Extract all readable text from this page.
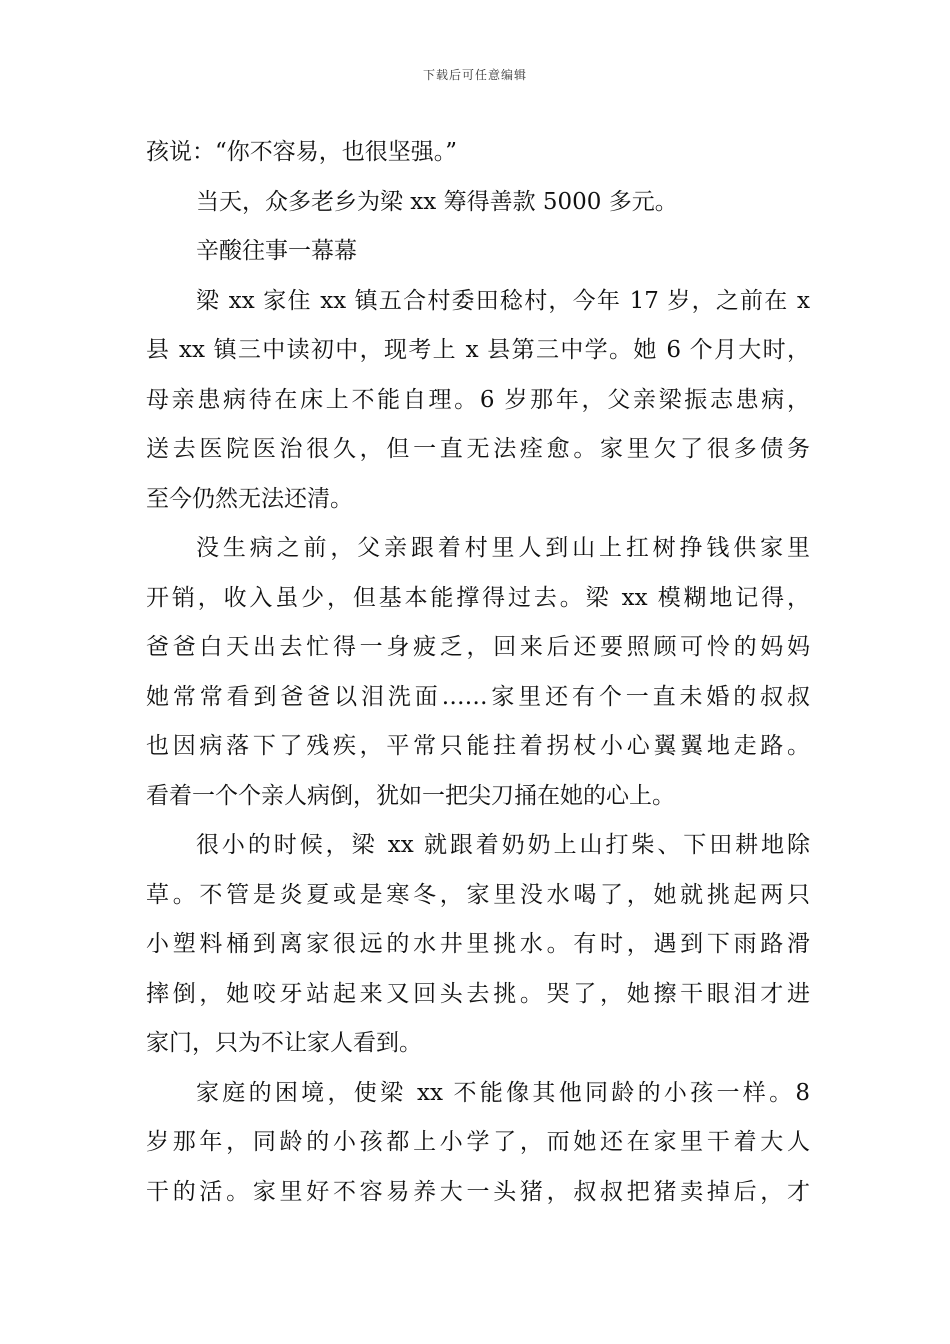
下载后可任意编辑
孩说：“你不容易，也很坚强。”
当天，众多老乡为梁 xx 筹得善款 5000 多元。
辛酸往事一幕幕
梁 xx 家住 xx 镇五合村委田稔村，今年 17 岁，之前在 x
县 xx 镇三中读初中，现考上 x 县第三中学。她 6 个月大时，
母亲患病待在床上不能自理。6 岁那年，父亲梁振志患病，
送去医院医治很久，但一直无法痊愈。家里欠了很多债务
至今仍然无法还清。
没生病之前，父亲跟着村里人到山上扛树挣钱供家里
开销，收入虽少，但基本能撑得过去。梁 xx 模糊地记得，
爸爸白天出去忙得一身疲乏，回来后还要照顾可怜的妈妈
她常常看到爸爸以泪洗面……家里还有个一直未婚的叔叔
也因病落下了残疾，平常只能拄着拐杖小心翼翼地走路。
看着一个个亲人病倒，犹如一把尖刀捅在她的心上。
很小的时候，梁 xx 就跟着奶奶上山打柴、下田耕地除
草。不管是炎夏或是寒冬，家里没水喝了，她就挑起两只
小塑料桶到离家很远的水井里挑水。有时，遇到下雨路滑
摔倒，她咬牙站起来又回头去挑。哭了，她擦干眼泪才进
家门，只为不让家人看到。
家庭的困境，使梁 xx 不能像其他同龄的小孩一样。8
岁那年，同龄的小孩都上小学了，而她还在家里干着大人
干的活。家里好不容易养大一头猪，叔叔把猪卖掉后，才
